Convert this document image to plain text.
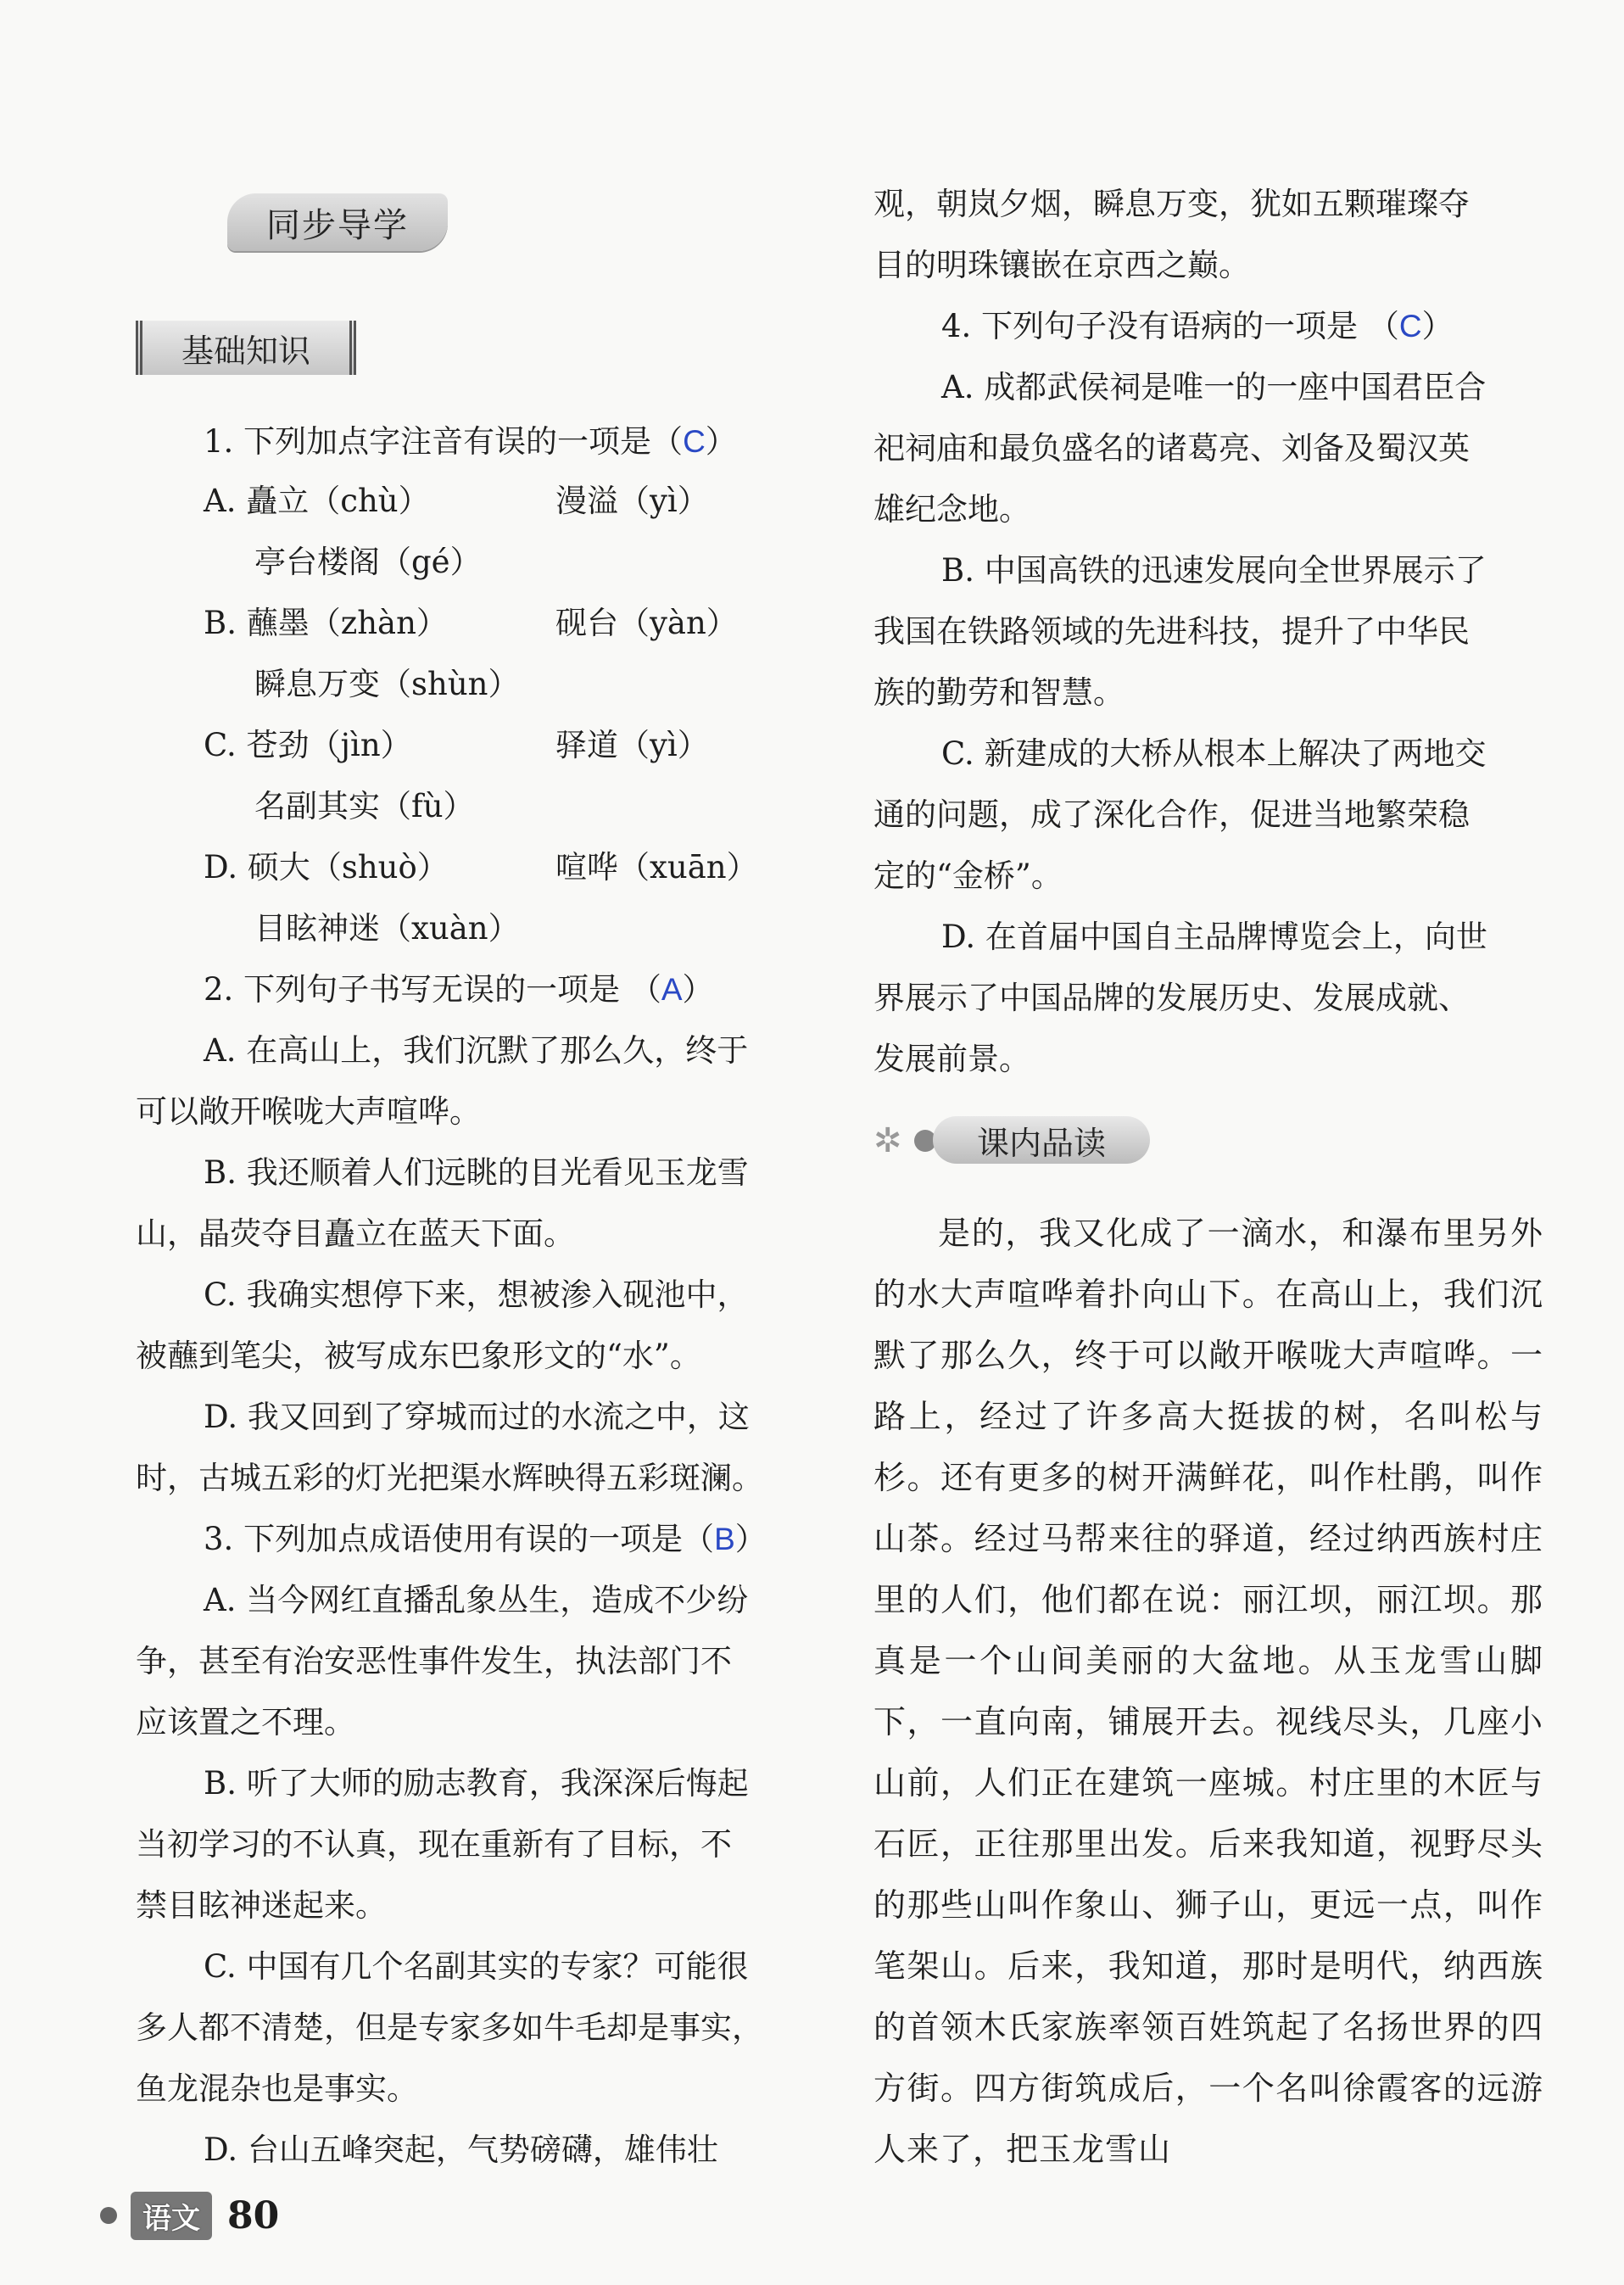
同步导学
基础知识
1. 下列加点字注音有误的一项是（C）
A. 矗立（chù）	漫溢（yì）
亭台楼阁（gé）
B. 蘸墨（zhàn）	砚台（yàn）
瞬息万变（shùn）
C. 苍劲（jìn）	驿道（yì）
名副其实（fù）
D. 硕大（shuò）	喧哗（xuān）
目眩神迷（xuàn）
2. 下列句子书写无误的一项是 （A）
A. 在高山上，我们沉默了那么久，终于
可以敞开喉咙大声喧哗。
B. 我还顺着人们远眺的目光看见玉龙雪
山，晶荧夺目矗立在蓝天下面。
C. 我确实想停下来，想被渗入砚池中，
被蘸到笔尖，被写成东巴象形文的“水”。
D. 我又回到了穿城而过的水流之中，这
时，古城五彩的灯光把渠水辉映得五彩斑澜。
3. 下列加点成语使用有误的一项是（B）
A. 当今网红直播乱象丛生，造成不少纷
争，甚至有治安恶性事件发生，执法部门不
应该置之不理。
B. 听了大师的励志教育，我深深后悔起
当初学习的不认真，现在重新有了目标，不
禁目眩神迷起来。
C. 中国有几个名副其实的专家？可能很
多人都不清楚，但是专家多如牛毛却是事实，
鱼龙混杂也是事实。
D. 台山五峰突起，气势磅礴，雄伟壮
观，朝岚夕烟，瞬息万变，犹如五颗璀璨夺
目的明珠镶嵌在京西之巅。
4. 下列句子没有语病的一项是 （C）
A. 成都武侯祠是唯一的一座中国君臣合
祀祠庙和最负盛名的诸葛亮、刘备及蜀汉英
雄纪念地。
B. 中国高铁的迅速发展向全世界展示了
我国在铁路领域的先进科技，提升了中华民
族的勤劳和智慧。
C. 新建成的大桥从根本上解决了两地交
通的问题，成了深化合作，促进当地繁荣稳
定的“金桥”。
D. 在首届中国自主品牌博览会上，向世
界展示了中国品牌的发展历史、发展成就、
发展前景。
✲	课内品读
是的，我又化成了一滴水，和瀑布里另外的水大声喧哗着扑向山下。在高山上，我们沉默了那么久，终于可以敞开喉咙大声喧哗。一路上，经过了许多高大挺拔的树，名叫松与杉。还有更多的树开满鲜花，叫作杜鹃，叫作山茶。经过马帮来往的驿道，经过纳西族村庄里的人们，他们都在说：丽江坝，丽江坝。那真是一个山间美丽的大盆地。从玉龙雪山脚下，一直向南，铺展开去。视线尽头，几座小山前，人们正在建筑一座城。村庄里的木匠与石匠，正往那里出发。后来我知道，视野尽头的那些山叫作象山、狮子山，更远一点，叫作笔架山。后来，我知道，那时是明代，纳西族的首领木氏家族率领百姓筑起了名扬世界的四方街。四方街筑成后，一个名叫徐霞客的远游人来了，把玉龙雪山
语文 80
